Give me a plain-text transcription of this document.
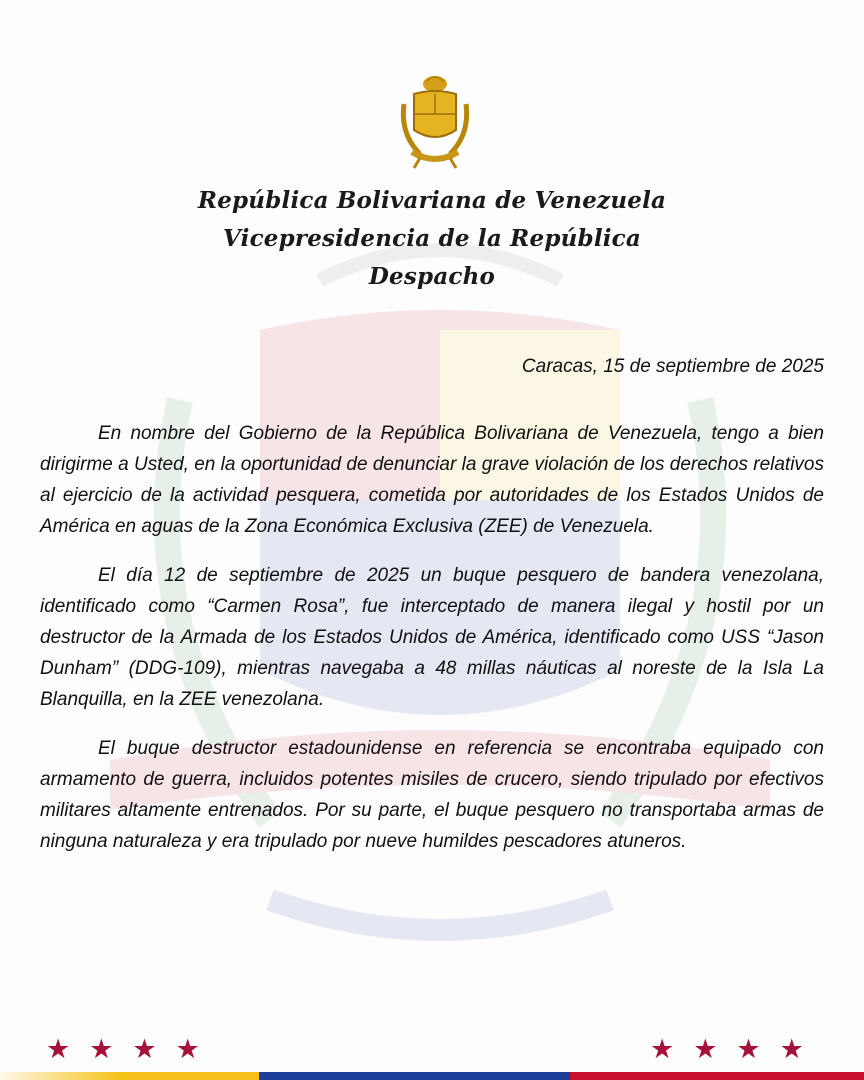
República Bolivariana de Venezuela
Vicepresidencia de la República
Despacho
Caracas, 15 de septiembre de 2025

En nombre del Gobierno de la República Bolivariana de Venezuela, tengo a bien dirigirme a Usted, en la oportunidad de denunciar la grave violación de los derechos relativos al ejercicio de la actividad pesquera, cometida por autoridades de los Estados Unidos de América en aguas de la Zona Económica Exclusiva (ZEE) de Venezuela.

El día 12 de septiembre de 2025 un buque pesquero de bandera venezolana, identificado como “Carmen Rosa”, fue interceptado de manera ilegal y hostil por un destructor de la Armada de los Estados Unidos de América, identificado como USS “Jason Dunham” (DDG-109), mientras navegaba a 48 millas náuticas al noreste de la Isla La Blanquilla, en la ZEE venezolana.

El buque destructor estadounidense en referencia se encontraba equipado con armamento de guerra, incluidos potentes misiles de crucero, siendo tripulado por efectivos militares altamente entrenados. Por su parte, el buque pesquero no transportaba armas de ninguna naturaleza y era tripulado por nueve humildes pescadores atuneros.

★★★★	★★★★
